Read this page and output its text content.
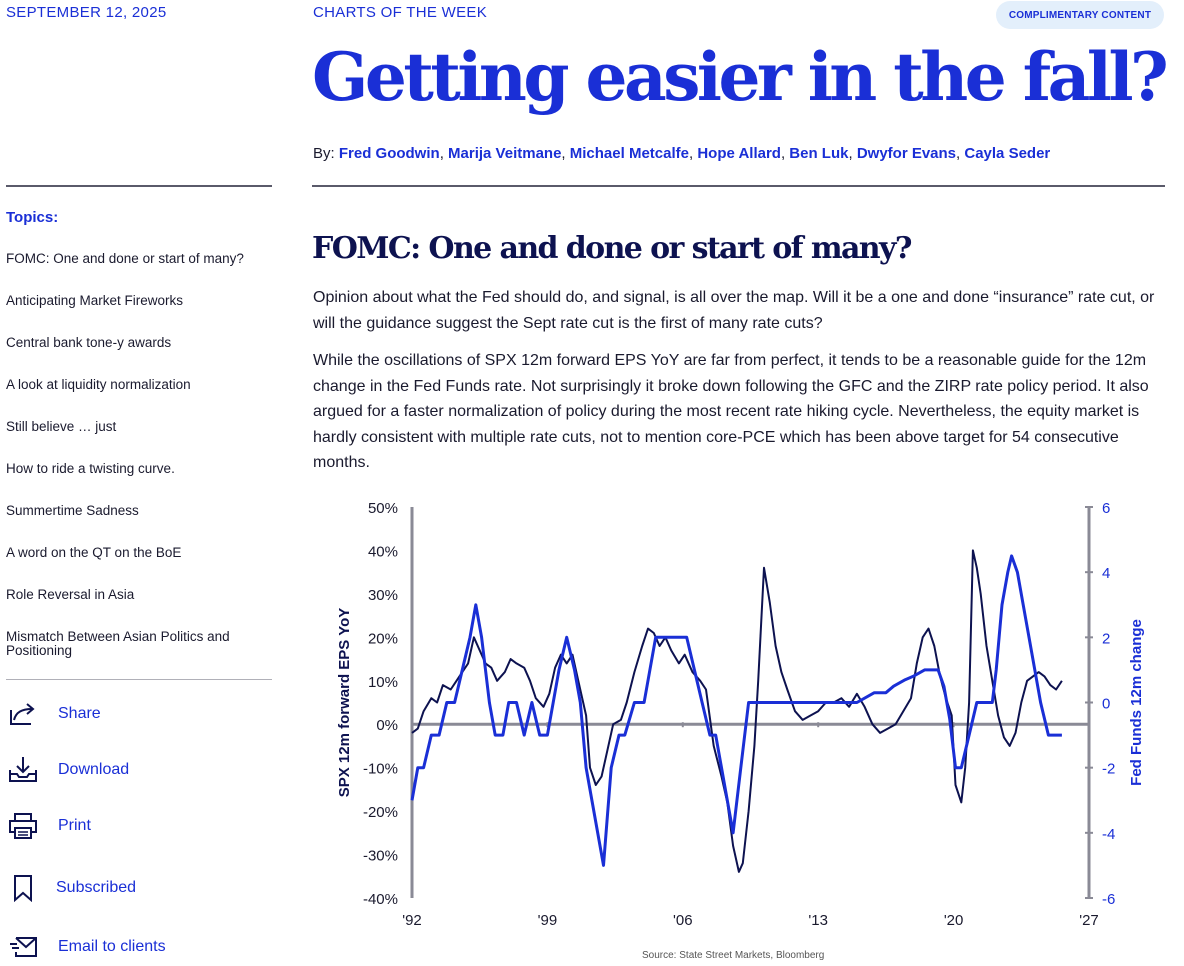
SEPTEMBER 12, 2025	CHARTS OF THE WEEK	COMPLIMENTARY CONTENT
Getting easier in the fall?
By: Fred Goodwin, Marija Veitmane, Michael Metcalfe, Hope Allard, Ben Luk, Dwyfor Evans, Cayla Seder
Topics:
FOMC: One and done or start of many?
Anticipating Market Fireworks
Central bank tone-y awards
A look at liquidity normalization
Still believe … just
How to ride a twisting curve.
Summertime Sadness
A word on the QT on the BoE
Role Reversal in Asia
Mismatch Between Asian Politics and Positioning
Share
Download
Print
Subscribed
Email to clients
FOMC: One and done or start of many?

Opinion about what the Fed should do, and signal, is all over the map. Will it be a one and done “insurance” rate cut, or will the guidance suggest the Sept rate cut is the first of many rate cuts?

While the oscillations of SPX 12m forward EPS YoY are far from perfect, it tends to be a reasonable guide for the 12m change in the Fed Funds rate. Not surprisingly it broke down following the GFC and the ZIRP rate policy period. It also argued for a faster normalization of policy during the most recent rate hiking cycle. Nevertheless, the equity market is hardly consistent with multiple rate cuts, not to mention core-PCE which has been above target for 54 consecutive months.

50%
40%
30%
20%
10%
0%
-10%
-20%
-30%
-40%
6
4
2
0
-2
-4
-6
'92	'99	'06	'13	'20	'27
SPX 12m forward EPS YoY	Fed Funds 12m change
Source: State Street Markets, Bloomberg
